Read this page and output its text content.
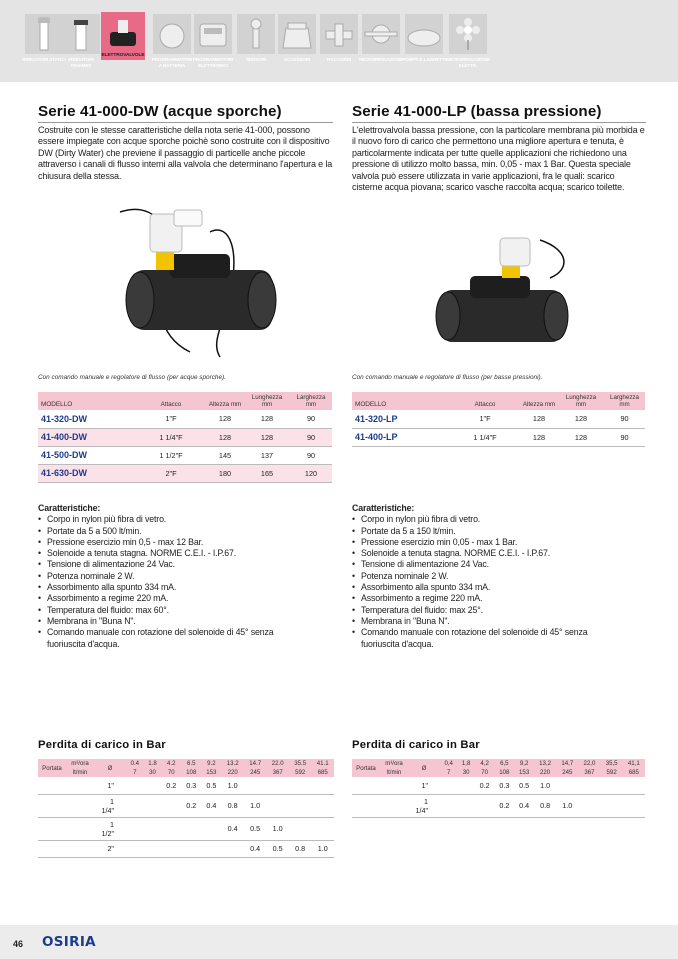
IRRIGATORI STATICI IRRIGATORI DINAMICI
ELETTROVALVOLE
PROGRAMMATORI A BATTERIA
PROGRAMMATORI ELETTRONICI
SENSORI	ACCESSORI	RACCORDI	MICROIRRIGAZIONE POMPE E LAGHETTI MICROIRRIGAZIONE ELETTR.
Serie 41-000-DW (acque sporche)

Costruite con le stesse caratteristiche della nota serie 41-000, possono essere impiegate con acque sporche poichè sono costruite con il dispositivo DW (Dirty Water) che previene il passaggio di particelle anche piccole attraverso i canali di flusso interni alla valvola che determinano l'apertura e la chiusura della stessa.

Serie 41-000-LP (bassa pressione)

L'elettrovalvola bassa pressione, con la particolare membrana più morbida e il nuovo foro di carico che permettono una migliore apertura e tenuta, è particolarmente indicata per tutte quelle applicazioni che richiedono una pressione di utilizzo molto bassa, min. 0,05 - max 1 Bar. Questa speciale valvola può essere utilizzata in varie applicazioni, fra le quali: scarico cisterne acqua piovana; scarico vasche raccolta acqua; scarico toilette.

Con comando manuale e regolatore di flusso (per acque sporche).	Con comando manuale e regolatore di flusso (per basse pressioni).
MODELLO	Attacco	Altezza mm	Lunghezza mm	Larghezza mm
41-320-DW	1"F	128	128	90
41-400-DW	1 1/4"F	128	128	90
41-500-DW	1 1/2"F	145	137	90
41-630-DW	2"F	180	165	120
MODELLO	Attacco	Altezza mm	Lunghezza mm	Larghezza mm
41-320-LP	1"F	128	128	90
41-400-LP	1 1/4"F	128	128	90
Caratteristiche:
• Corpo in nylon più fibra di vetro.
• Portate da 5 a 500 lt/min.
• Pressione esercizio min 0,5 - max 12 Bar.
• Solenoide a tenuta stagna. NORME C.E.I. - I.P.67.
• Tensione di alimentazione 24 Vac.
• Potenza nominale 2 W.
• Assorbimento alla spunto 334 mA.
• Assorbimento a regime 220 mA.
• Temperatura del fluido: max 60°.
• Membrana in "Buna N".
• Comando manuale con rotazione del solenoide di 45° senza fuoriuscita d'acqua.
Caratteristiche:
• Corpo in nylon più fibra di vetro.
• Portate da 5 a 150 lt/min.
• Pressione esercizio min 0,05 - max 1 Bar.
• Solenoide a tenuta stagna. NORME C.E.I. - I.P.67.
• Tensione di alimentazione 24 Vac.
• Potenza nominale 2 W.
• Assorbimento alla spunto 334 mA.
• Assorbimento a regime 220 mA.
• Temperatura del fluido: max 25°.
• Membrana in "Buna N".
• Comando manuale con rotazione del solenoide di 45° senza fuoriuscita d'acqua.
Perdita di carico in Bar	Perdita di carico in Bar
Portata	m³/ora	Ø	0.4	1.8	4.2	6.5	9.2	13.2	14.7	22.0	35.5	41.1
	lt/min		7	30	70	108	153	220	245	367	592	685
		1"			0.2	0.3	0.5	1.0				
		1 1/4"				0.2	0.4	0.8	1.0			
		1 1/2"						0.4	0.5	1.0		
		2"							0.4	0.5	0.8	1.0
Portata	m³/ora	Ø	0,4	1,8	4,2	6,5	9,2	13,2	14,7	22,0	35,5	41,1
	lt/min		7	30	70	108	153	220	245	367	592	685
		1"			0.2	0.3	0.5	1.0				
		1 1/4"				0.2	0.4	0.8	1.0			
46 OSIRIA
